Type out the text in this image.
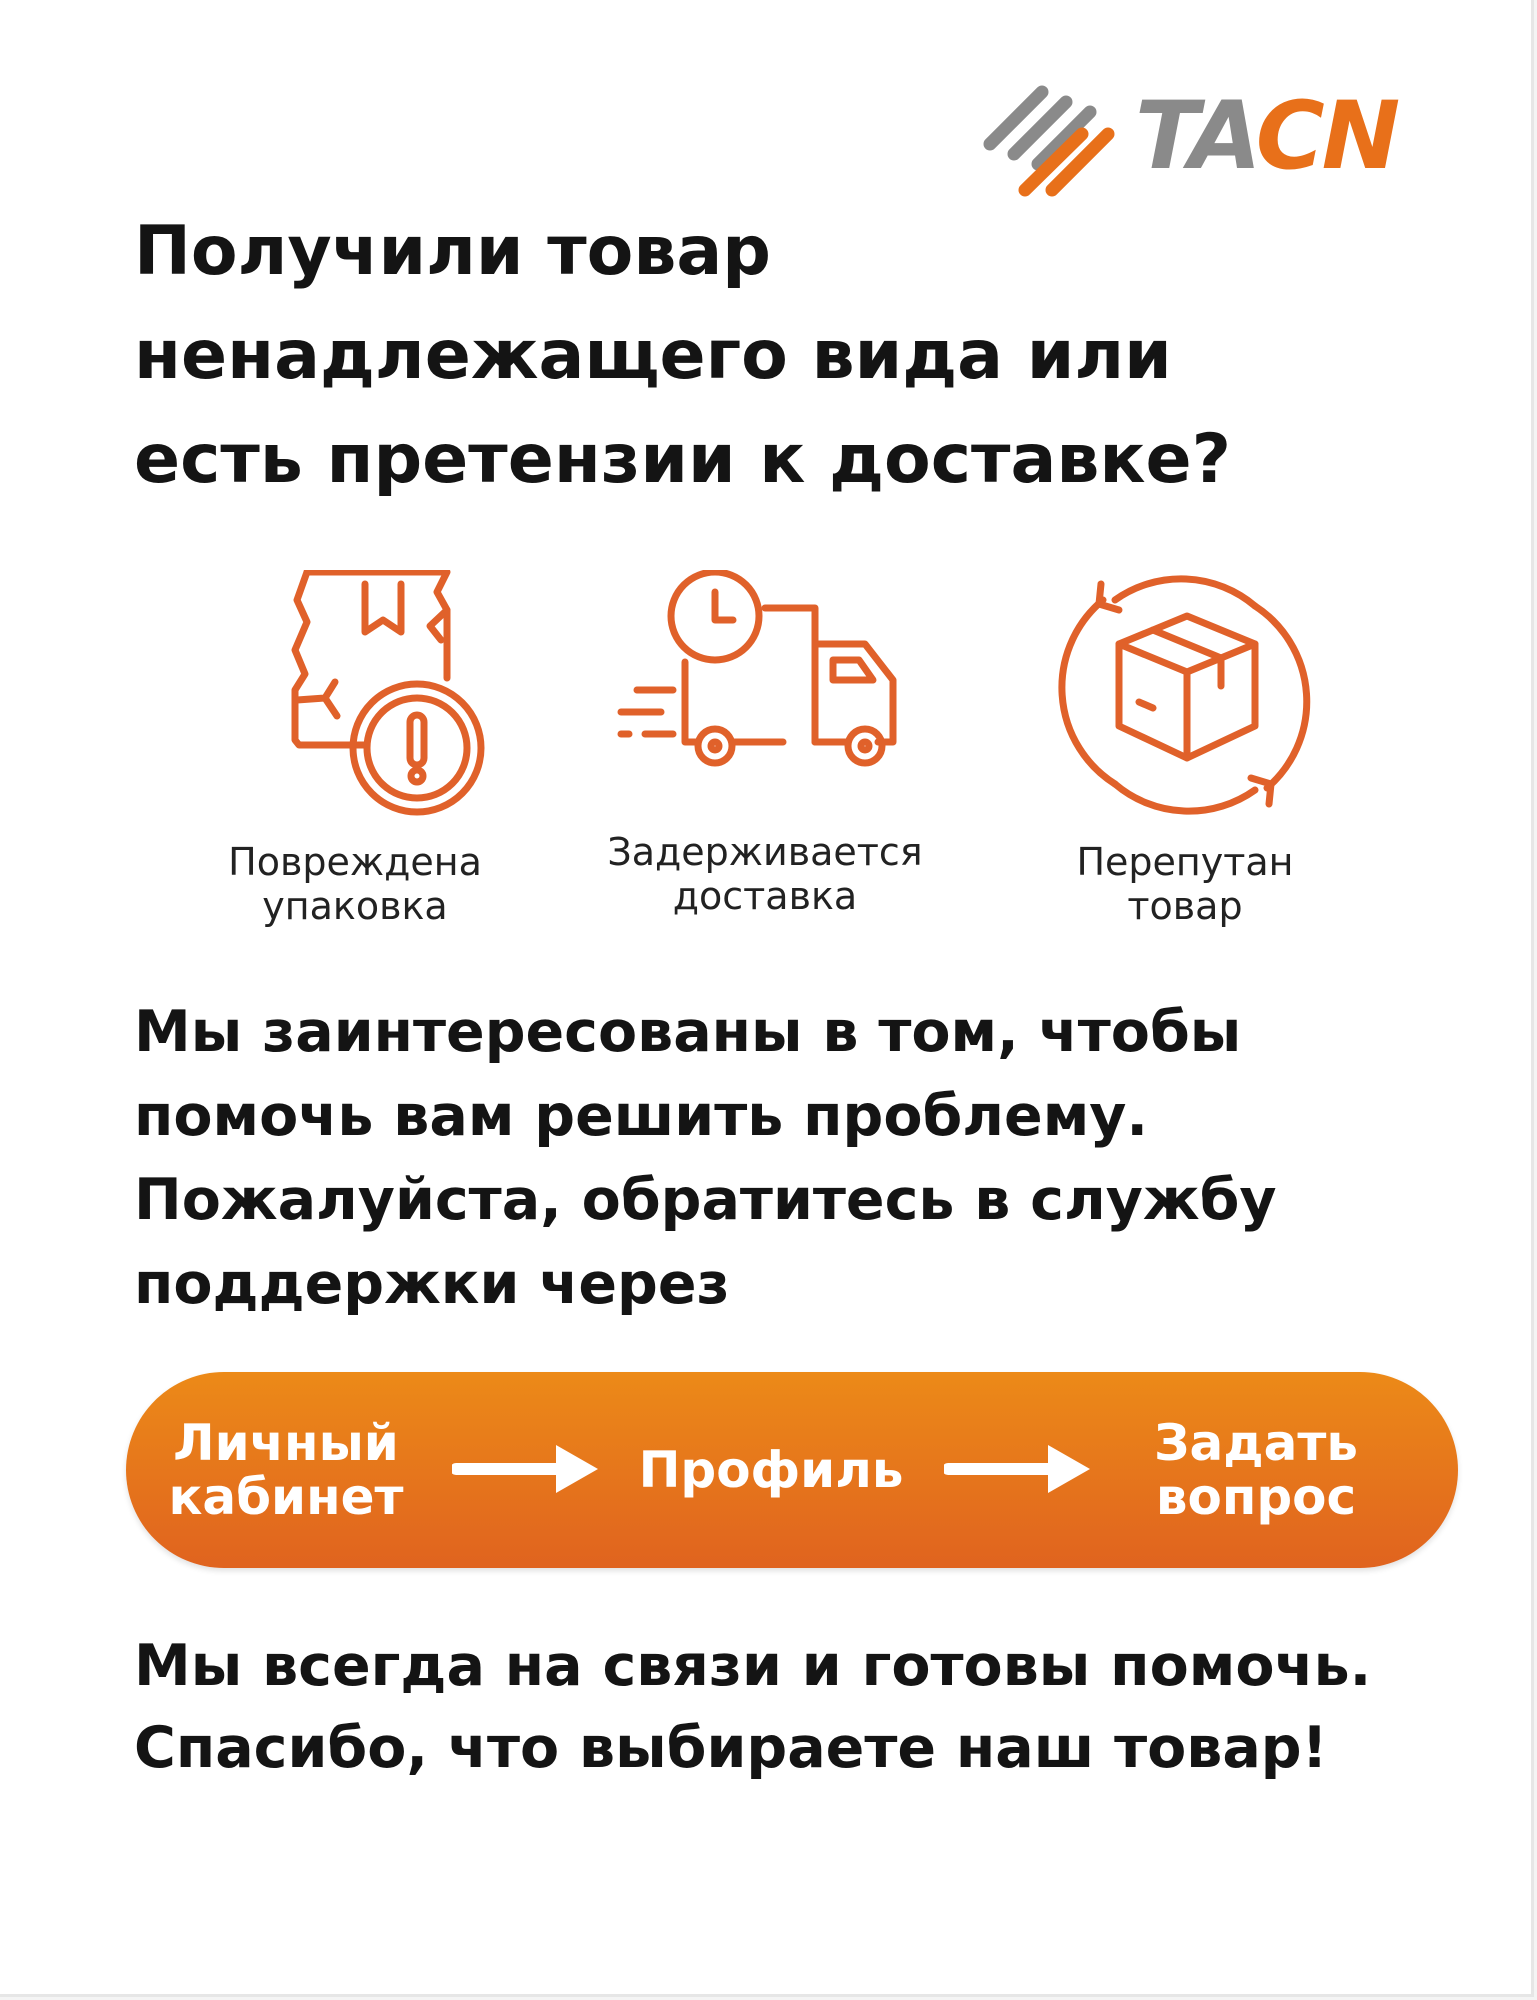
TACN
Получили товар
ненадлежащего вида или
есть претензии к доставке?
Повреждена
упаковка
Задерживается
доставка
Перепутан
товар

Мы заинтересованы в том, чтобы
помочь вам решить проблему.
Пожалуйста, обратитесь в службу
поддержки через

Личный
кабинет	Профиль	Задать
вопрос

Мы всегда на связи и готовы помочь.
Спасибо, что выбираете наш товар!
